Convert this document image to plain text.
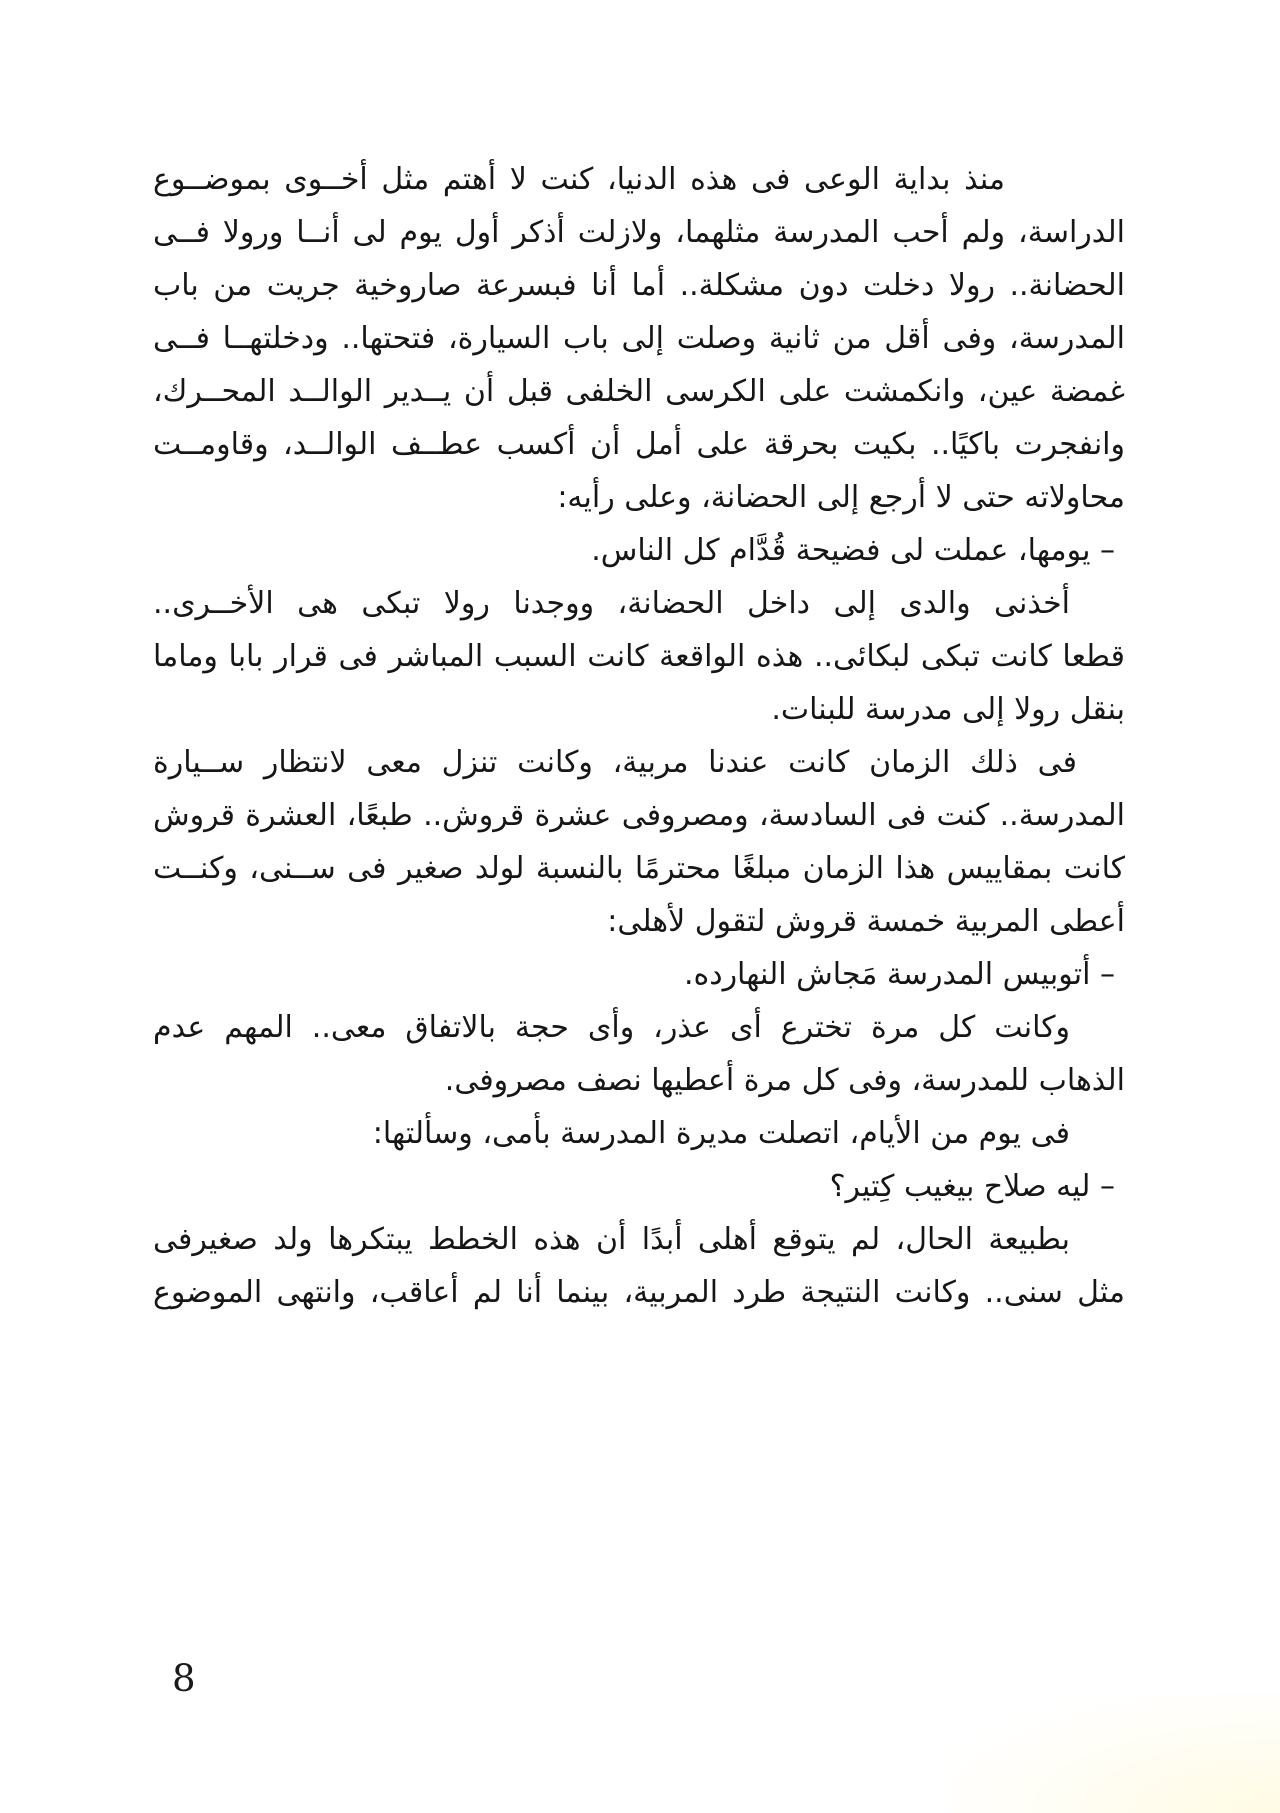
منذ بداية الوعى فى هذه الدنيا، كنت لا أهتم مثل أخــوى بموضــوع
الدراسة، ولم أحب المدرسة مثلهما، ولازلت أذكر أول يوم لى أنــا ورولا فــى
الحضانة.. رولا دخلت دون مشكلة.. أما أنا فبسرعة صاروخية جريت من باب
المدرسة، وفى أقل من ثانية وصلت إلى باب السيارة، فتحتها.. ودخلتهــا فــى
غمضة عين، وانكمشت على الكرسى الخلفى قبل أن يــدير الوالــد المحــرك،
وانفجرت باكيًا.. بكيت بحرقة على أمل أن أكسب عطــف الوالــد، وقاومــت
محاولاته حتى لا أرجع إلى الحضانة، وعلى رأيه:
– يومها، عملت لى فضيحة قُدَّام كل الناس.
أخذنى والدى إلى داخل الحضانة، ووجدنا رولا تبكى هى الأخــرى..
قطعا كانت تبكى لبكائى.. هذه الواقعة كانت السبب المباشر فى قرار بابا وماما
بنقل رولا إلى مدرسة للبنات.
فى ذلك الزمان كانت عندنا مربية، وكانت تنزل معى لانتظار ســيارة
المدرسة.. كنت فى السادسة، ومصروفى عشرة قروش.. طبعًا، العشرة قروش
كانت بمقاييس هذا الزمان مبلغًا محترمًا بالنسبة لولد صغير فى ســنى، وكنــت
أعطى المربية خمسة قروش لتقول لأهلى:
– أتوبيس المدرسة مَجاش النهارده.
وكانت كل مرة تخترع أى عذر، وأى حجة بالاتفاق معى.. المهم عدم
الذهاب للمدرسة، وفى كل مرة أعطيها نصف مصروفى.
فى يوم من الأيام، اتصلت مديرة المدرسة بأمى، وسألتها:
– ليه صلاح بيغيب كِتير؟
بطبيعة الحال، لم يتوقع أهلى أبدًا أن هذه الخطط يبتكرها ولد صغيرفى
مثل سنى.. وكانت النتيجة طرد المربية، بينما أنا لم أعاقب، وانتهى الموضوع
8
